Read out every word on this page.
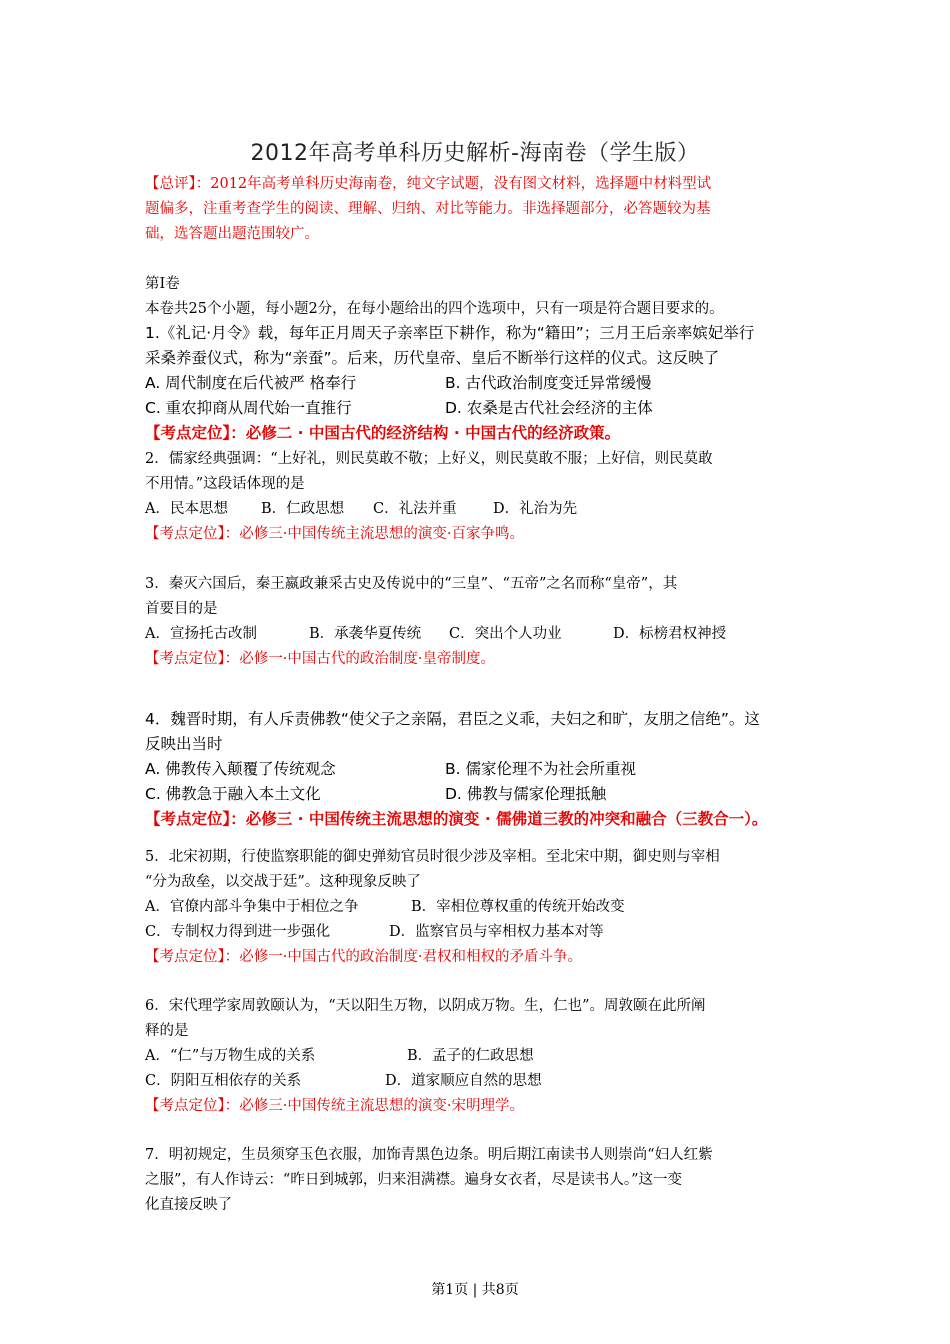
2012年高考单科历史解析-海南卷（学生版）
【总评】：2012年高考单科历史海南卷，纯文字试题，没有图文材料，选择题中材料型试
题偏多，注重考查学生的阅读、理解、归纳、对比等能力。非选择题部分，必答题较为基
础，选答题出题范围较广。
第Ⅰ卷
本卷共25个小题，每小题2分，在每小题给出的四个选项中，只有一项是符合题目要求的。
1.《礼记·月令》载，每年正月周天子亲率臣下耕作，称为“籍田”；三月王后亲率嫔妃举行
采桑养蚕仪式，称为“亲蚕”。后来，历代皇帝、皇后不断举行这样的仪式。这反映了
A. 周代制度在后代被严 格奉行	B. 古代政治制度变迁异常缓慢
C. 重农抑商从周代始一直推行	D. 农桑是古代社会经济的主体
【考点定位】：必修二 · 中国古代的经济结构 · 中国古代的经济政策。
2．儒家经典强调：“上好礼，则民莫敢不敬；上好义，则民莫敢不服；上好信，则民莫敢
不用情。”这段话体现的是
A．民本思想 B．仁政思想 C．礼法并重	D．礼治为先
【考点定位】：必修三·中国传统主流思想的演变·百家争鸣。
3．秦灭六国后，秦王嬴政兼采古史及传说中的“三皇”、“五帝”之名而称“皇帝”，其
首要目的是
A．宣扬托古改制	B．承袭华夏传统 C．突出个人功业	D．标榜君权神授
【考点定位】：必修一·中国古代的政治制度·皇帝制度。
4．魏晋时期，有人斥责佛教“使父子之亲隔，君臣之义乖，夫妇之和旷，友朋之信绝”。这
反映出当时
A. 佛教传入颠覆了传统观念	B. 儒家伦理不为社会所重视
C. 佛教急于融入本土文化	D. 佛教与儒家伦理抵触
【考点定位】：必修三 · 中国传统主流思想的演变 · 儒佛道三教的冲突和融合（三教合一）。
5．北宋初期，行使监察职能的御史弹劾官员时很少涉及宰相。至北宋中期，御史则与宰相
“分为敌垒，以交战于廷”。这种现象反映了
A．官僚内部斗争集中于相位之争	B．宰相位尊权重的传统开始改变
C．专制权力得到进一步强化	D．监察官员与宰相权力基本对等
【考点定位】：必修一·中国古代的政治制度·君权和相权的矛盾斗争。
6．宋代理学家周敦颐认为，“天以阳生万物，以阴成万物。生，仁也”。周敦颐在此所阐
释的是
A．“仁”与万物生成的关系	B．孟子的仁政思想
C．阴阳互相依存的关系	D．道家顺应自然的思想
【考点定位】：必修三·中国传统主流思想的演变·宋明理学。
7．明初规定，生员须穿玉色衣服，加饰青黑色边条。明后期江南读书人则崇尚“妇人红紫
之服”，有人作诗云：“昨日到城郭，归来泪满襟。遍身女衣者，尽是读书人。”这一变
化直接反映了
第1页 | 共8页
